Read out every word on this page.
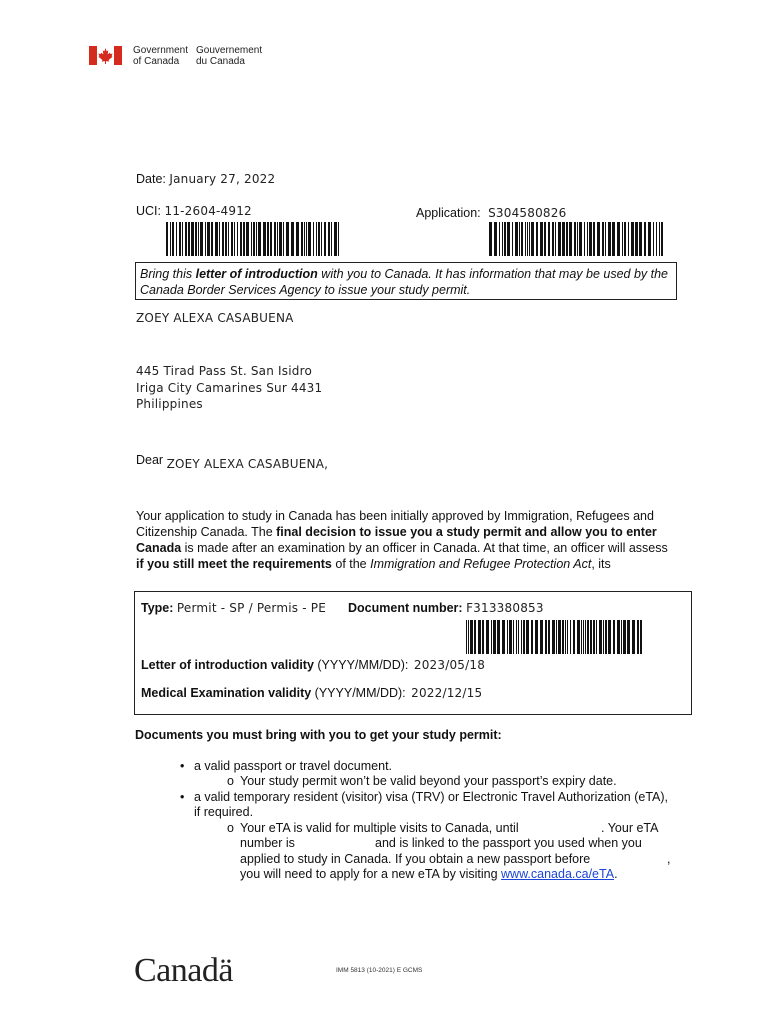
Government
of Canada
Gouvernement
du Canada
Date: January 27, 2022
UCI: 11-2604-4912	Application: S304580826
Bring this letter of introduction with you to Canada. It has information that may be used by the
Canada Border Services Agency to issue your study permit.
ZOEY ALEXA CASABUENA
445 Tirad Pass St. San Isidro
Iriga City Camarines Sur 4431
Philippines
Dear ZOEY ALEXA CASABUENA,
Your application to study in Canada has been initially approved by Immigration, Refugees and
Citizenship Canada. The final decision to issue you a study permit and allow you to enter
Canada is made after an examination by an officer in Canada. At that time, an officer will assess
if you still meet the requirements of the Immigration and Refugee Protection Act, its
Type: Permit - SP / Permis - PE Document number: F313380853
Letter of introduction validity (YYYY/MM/DD): 2023/05/18
Medical Examination validity (YYYY/MM/DD): 2022/12/15
Documents you must bring with you to get your study permit:
• a valid passport or travel document.
o Your study permit won’t be valid beyond your passport’s expiry date.
• a valid temporary resident (visitor) visa (TRV) or Electronic Travel Authorization (eTA),
if required.
o Your eTA is valid for multiple visits to Canada, until	. Your eTA
number is	and is linked to the passport you used when you
applied to study in Canada. If you obtain a new passport before	,
you will need to apply for a new eTA by visiting www.canada.ca/eTA.
Canadä	IMM 5813 (10-2021) E GCMS
